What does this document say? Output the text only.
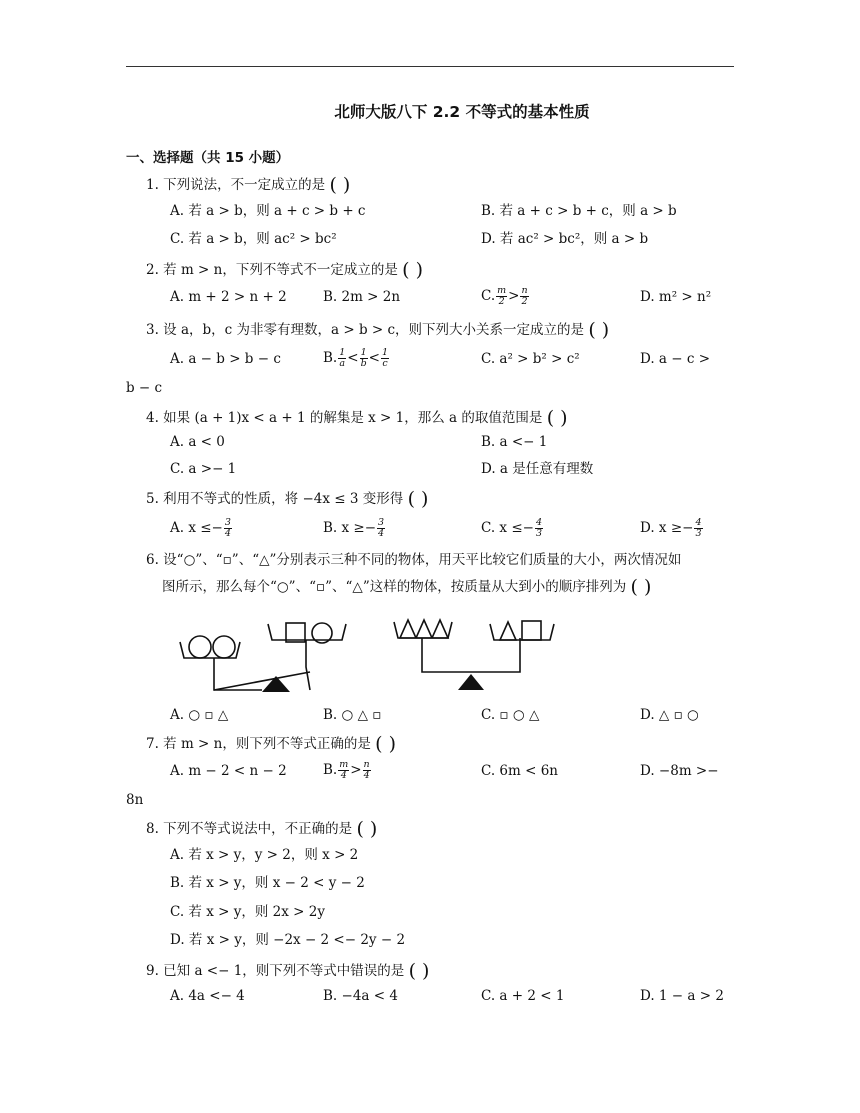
北师大版八下 2.2 不等式的基本性质
一、选择题（共 15 小题）
1. 下列说法，不一定成立的是 ( )
A. 若 a > b，则 a + c > b + c	B. 若 a + c > b + c，则 a > b
C. 若 a > b，则 ac² > bc²	D. 若 ac² > bc²，则 a > b
2. 若 m > n，下列不等式不一定成立的是 ( )
A. m + 2 > n + 2	B. 2m > 2n	C. $\frac{m}{2} > \frac{n}{2}$	D. m² > n²
3. 设 a，b，c 为非零有理数，a > b > c，则下列大小关系一定成立的是 ( )
A. a − b > b − c	B. $\frac{1}{a} < \frac{1}{b} < \frac{1}{c}$	C. a² > b² > c²	D. a − c >
b − c
4. 如果 (a + 1)x < a + 1 的解集是 x > 1，那么 a 的取值范围是 ( )
A. a < 0	B. a <− 1
C. a >− 1	D. a 是任意有理数
5. 利用不等式的性质，将 −4x ≤ 3 变形得 ( )
A. $x \le- \frac{3}{4}$	B. $x \ge- \frac{3}{4}$	C. $x \le- \frac{4}{3}$	D. $x \ge- \frac{4}{3}$
6. 设“○”、“▫”、“△”分别表示三种不同的物体，用天平比较它们质量的大小，两次情况如
图所示，那么每个“○”、“▫”、“△”这样的物体，按质量从大到小的顺序排列为 ( )
A. ○ ▫ △	B. ○ △ ▫	C. ▫ ○ △	D. △ ▫ ○
7. 若 m > n，则下列不等式正确的是 ( )
A. m − 2 < n − 2	B. $\frac{m}{4} > \frac{n}{4}$	C. 6m < 6n	D. −8m >−
8n
8. 下列不等式说法中，不正确的是 ( )
A. 若 x > y，y > 2，则 x > 2
B. 若 x > y，则 x − 2 < y − 2
C. 若 x > y，则 2x > 2y
D. 若 x > y，则 −2x − 2 <− 2y − 2
9. 已知 a <− 1，则下列不等式中错误的是 ( )
A. 4a <− 4	B. −4a < 4	C. a + 2 < 1	D. 1 − a > 2
